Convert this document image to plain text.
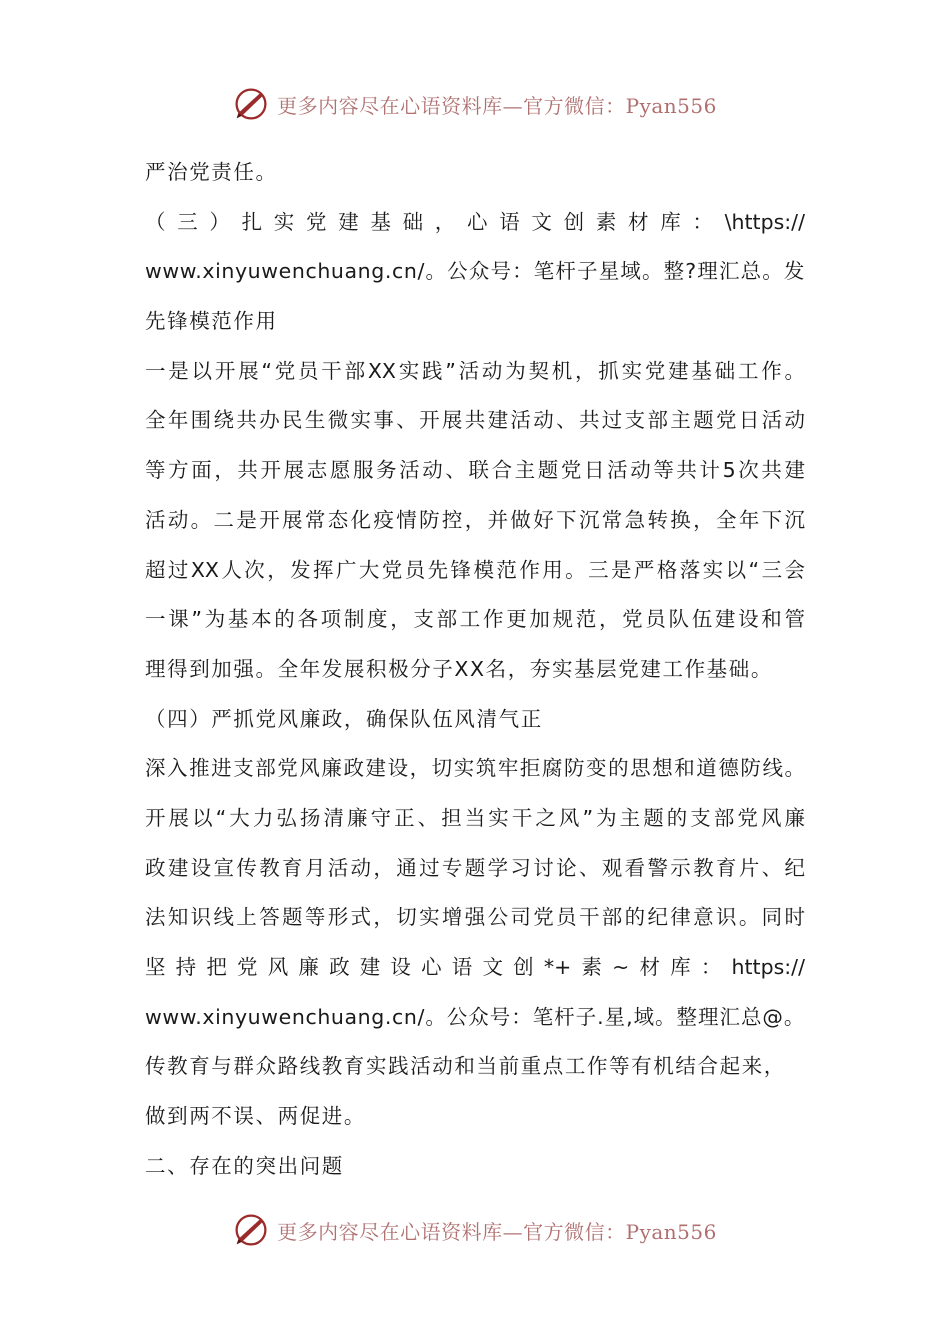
更多内容尽在心语资料库—官方微信：Pyan556
严治党责任。
（三）扎实党建基础，心语文创素材库：\https://
www.xinyuwenchuang.cn/。公众号：笔杆子星域。整?理汇总。发
先锋模范作用
一是以开展“党员干部XX实践”活动为契机，抓实党建基础工作。
全年围绕共办民生微实事、开展共建活动、共过支部主题党日活动
等方面，共开展志愿服务活动、联合主题党日活动等共计5次共建
活动。二是开展常态化疫情防控，并做好下沉常急转换，全年下沉
超过XX人次，发挥广大党员先锋模范作用。三是严格落实以“三会
一课”为基本的各项制度，支部工作更加规范，党员队伍建设和管
理得到加强。全年发展积极分子XX名，夯实基层党建工作基础。
（四）严抓党风廉政，确保队伍风清气正
深入推进支部党风廉政建设，切实筑牢拒腐防变的思想和道德防线。
开展以“大力弘扬清廉守正、担当实干之风”为主题的支部党风廉
政建设宣传教育月活动，通过专题学习讨论、观看警示教育片、纪
法知识线上答题等形式，切实增强公司党员干部的纪律意识。同时
坚持把党风廉政建设心语文创*+素~材库：https://
www.xinyuwenchuang.cn/。公众号：笔杆子.星,域。整理汇总@。
传教育与群众路线教育实践活动和当前重点工作等有机结合起来，
做到两不误、两促进。
二、存在的突出问题
更多内容尽在心语资料库—官方微信：Pyan556
